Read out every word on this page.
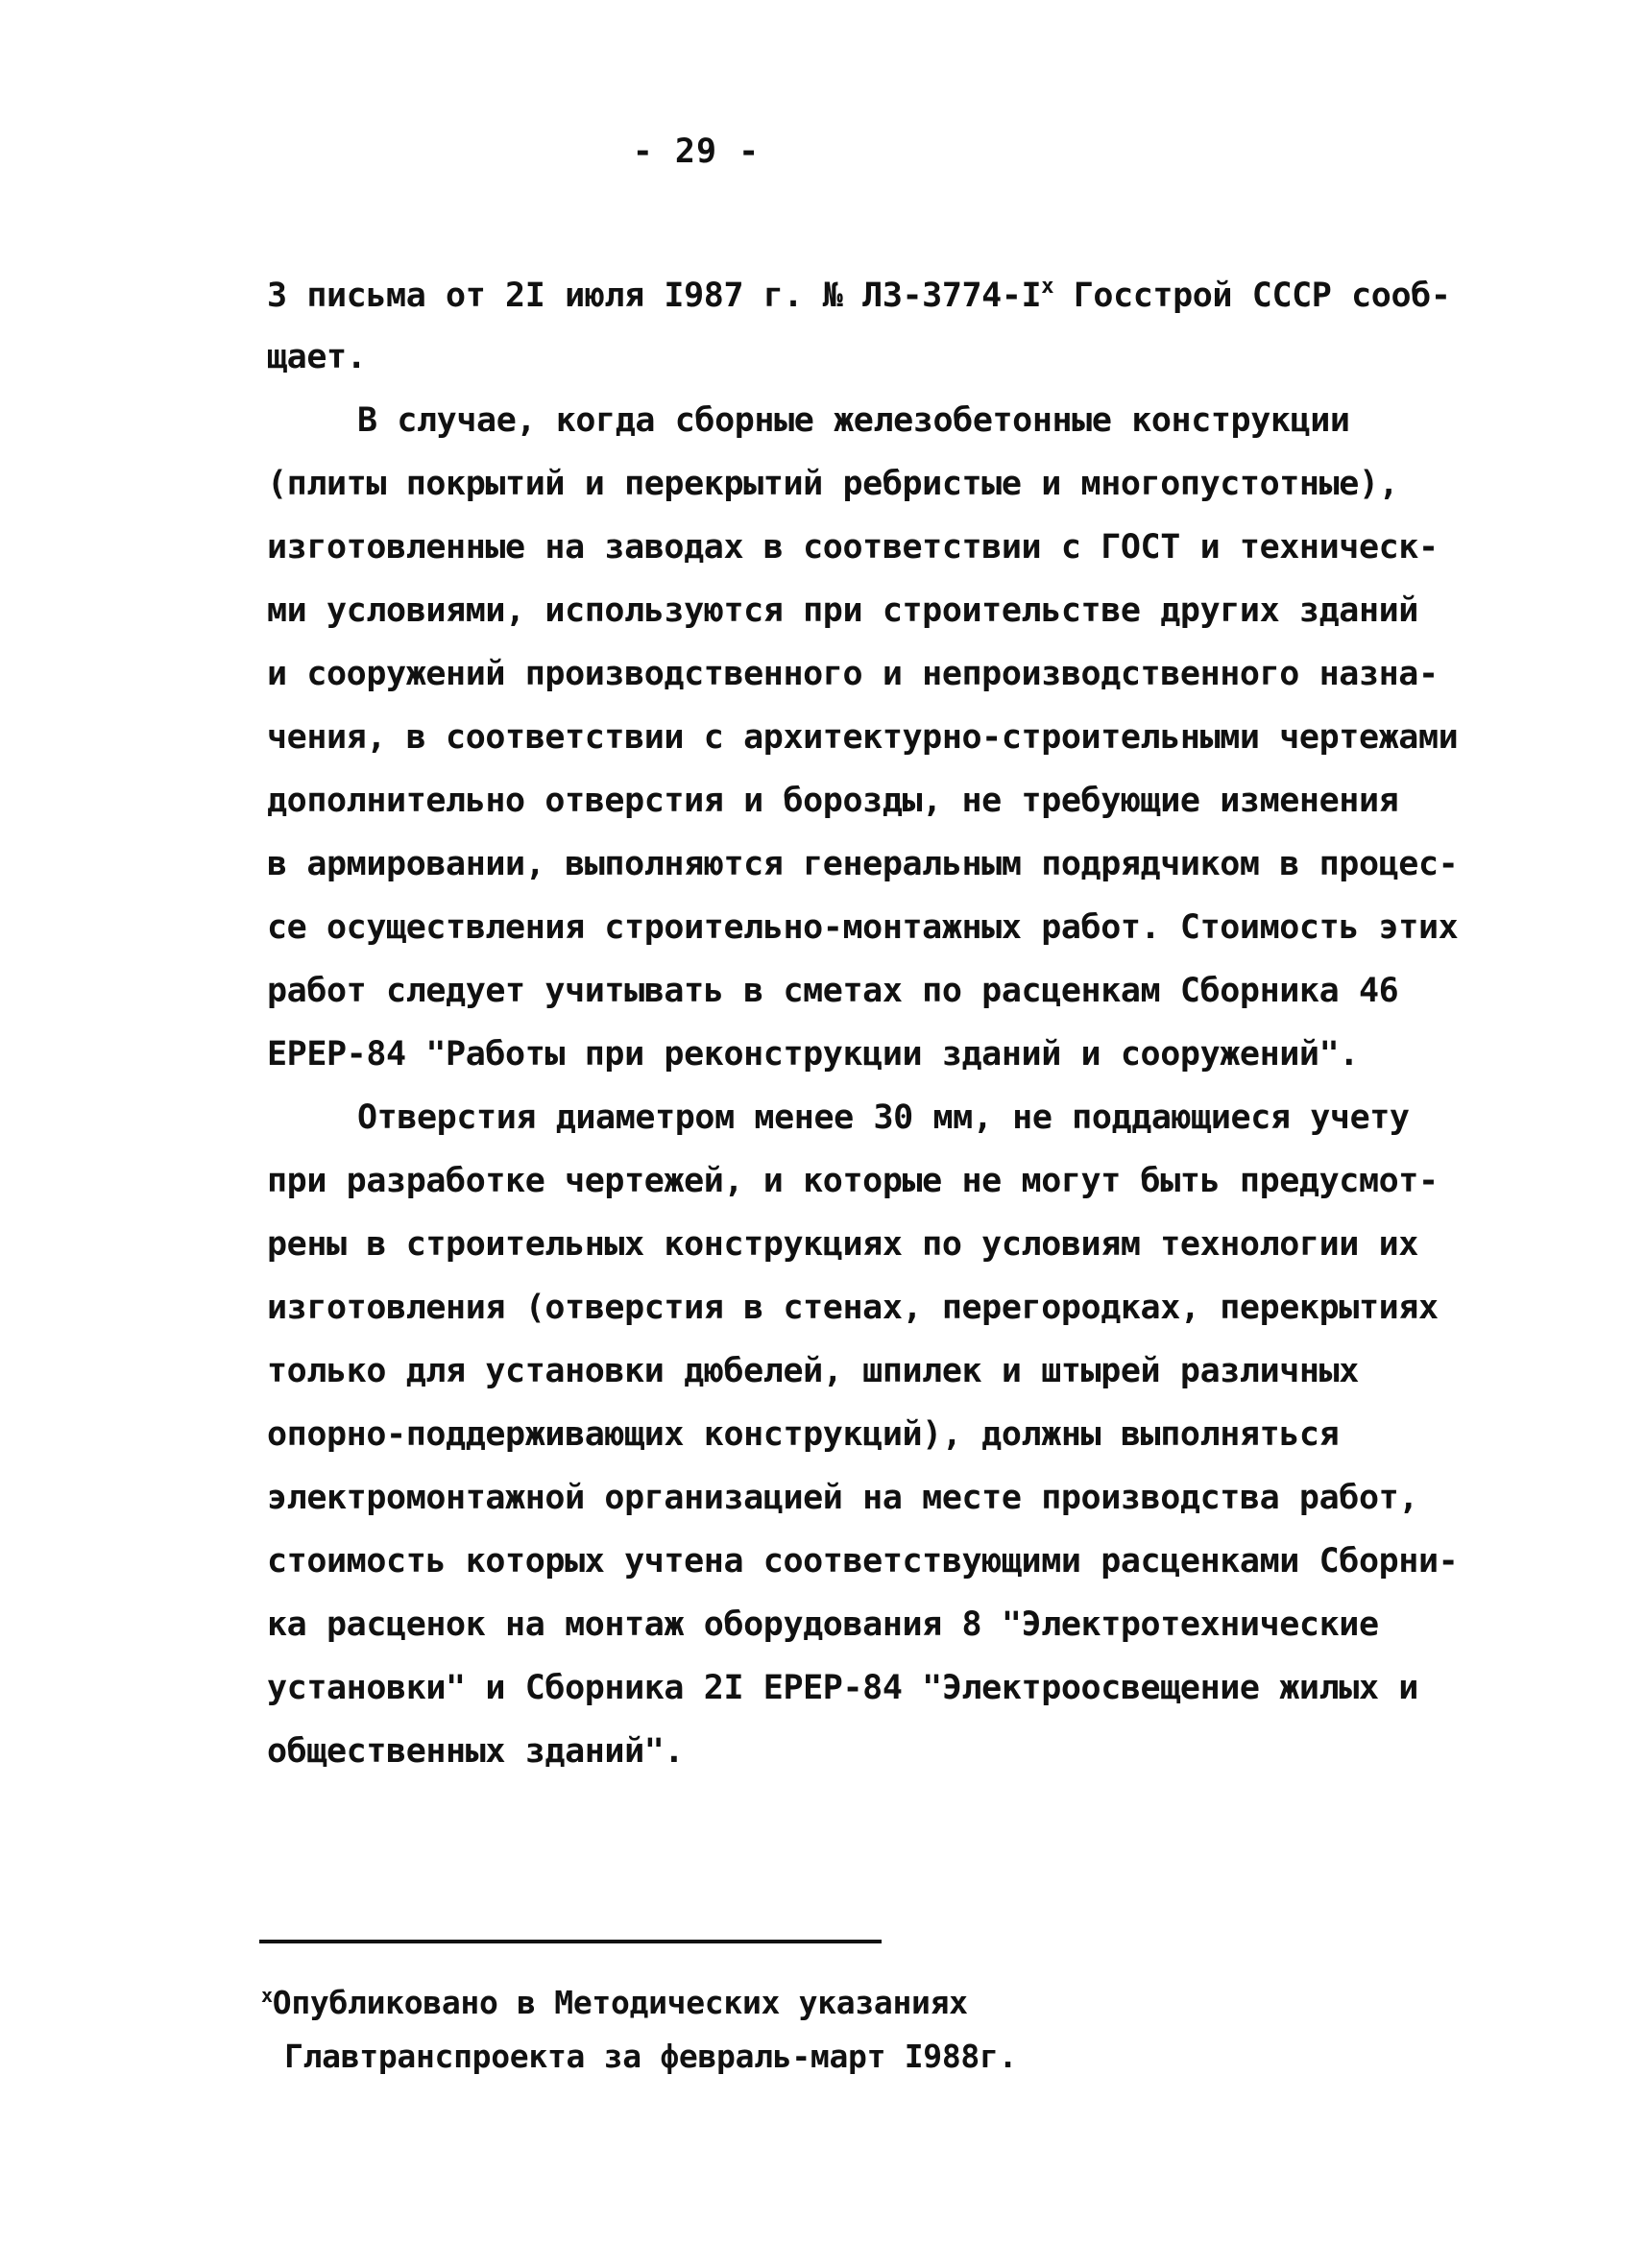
- 29 -
3 письма от 2I июля I987 г. № $ЛЗ-3774-I^x$ Госстрой СССР сооб-
щает.
В случае, когда сборные железобетонные конструкции
(плиты покрытий и перекрытий ребристые и многопустотные),
изготовленные на заводах в соответствии с ГОСТ и техническ-
ми условиями, используются при строительстве других зданий
и сооружений производственного и непроизводственного назна-
чения, в соответствии с архитектурно-строительными чертежами
дополнительно отверстия и борозды, не требующие изменения
в армировании, выполняются генеральным подрядчиком в процес-
се осуществления строительно-монтажных работ. Стоимость этих
работ следует учитывать в сметах по расценкам Сборника 46
ЕРЕР-84 "Работы при реконструкции зданий и сооружений".
Отверстия диаметром менее 30 мм, не поддающиеся учету
при разработке чертежей, и которые не могут быть предусмот-
рены в строительных конструкциях по условиям технологии их
изготовления (отверстия в стенах, перегородках, перекрытиях
только для установки дюбелей, шпилек и штырей различных
опорно-поддерживающих конструкций), должны выполняться
электромонтажной организацией на месте производства работ,
стоимость которых учтена соответствующими расценками Сборни-
ка расценок на монтаж оборудования 8 "Электротехнические
установки" и Сборника 2I ЕРЕР-84 "Электроосвещение жилых и
общественных зданий".
$^x$Опубликовано в Методических указаниях
Главтранспроекта за февраль-март I988г.
